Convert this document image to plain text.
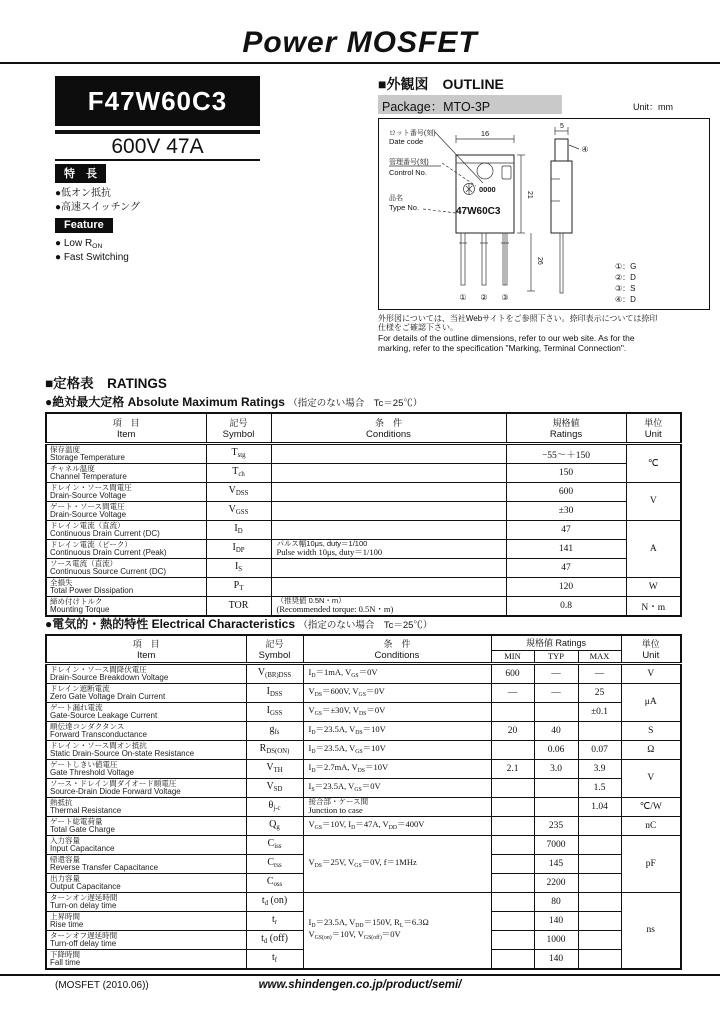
Power MOSFET
F47W60C3
600V 47A
特　長
●低オン抵抗
●高速スイッチング
Feature
● Low $R_{ON}$
● Fast Switching
■外観図　OUTLINE
Package：MTO-3P	Unit：mm
ロット番号(刻)
Date code
管理番号(刻)
Control No.
品名
Type No.
0000
47W60C3
① ② ③
16
21
26
5
④
①：G
②：D
③：S
④：D
外形図については、当社Webサイトをご参照下さい。捺印表示については捺印
仕様をご確認下さい。
For details of the outline dimensions, refer to our web site. As for the
marking, refer to the specification "Marking, Terminal Connection".
■定格表　RATINGS
●絶対最大定格 Absolute Maximum Ratings （指定のない場合　Tc＝25℃）
項　目
Item	記号
Symbol	条　件
Conditions	規格値
Ratings	単位
Unit

保存温度
Storage Temperature	$T_{stg}$		−55〜＋150	℃

チャネル温度
Channel Temperature	$T_{ch}$		150	

ドレイン・ソース間電圧
Drain-Source Voltage	$V_{DSS}$		600	V

ゲート・ソース間電圧
Drain-Source Voltage	$V_{GSS}$		±30	

ドレイン電流（直流）
Continuous Drain Current (DC)	$I_D$		47	A

ドレイン電流（ピーク）
Continuous Drain Current (Peak)	$I_{DP}$	パルス幅10μs, duty＝1/100
Pulse width 10μs, duty＝1/100	141	

ソース電流（直流）
Continuous Source Current (DC)	$I_S$		47	

全損失
Total Power Dissipation	$P_T$		120	W

締め付けトルク
Mounting Torque	TOR	（推奨値 0.5N・m）
(Recommended torque: 0.5N・m)	0.8	N・m
●電気的・熱的特性 Electrical Characteristics （指定のない場合　Tc＝25℃）
項　目
Item	記号
Symbol	条　件
Conditions	規格値 Ratings			単位
Unit

			MIN	TYP	MAX	

ドレイン・ソース間降伏電圧
Drain-Source Breakdown Voltage	$V_{(BR)DSS}$	$I_D=1mA$, $V_{GS}=0V$	600	—	—	V

ドレイン遮断電流
Zero Gate Voltage Drain Current	$I_{DSS}$	$V_{DS}=600V$, $V_{GS}=0V$	—	—	25	μA

ゲート漏れ電流
Gate-Source Leakage Current	$I_{GSS}$	$V_{GS}=\pm 30V$, $V_{DS}=0V$			±0.1	

順伝達コンダクタンス
Forward Transconductance	$g_{fs}$	$I_D=23.5A$, $V_{DS}=10V$	20	40		S

ドレイン・ソース間オン抵抗
Static Drain-Source On-state Resistance	$R_{DS(ON)}$	$I_D=23.5A$, $V_{GS}=10V$		0.06	0.07	Ω

ゲートしきい値電圧
Gate Threshold Voltage	$V_{TH}$	$I_D=2.7mA$, $V_{DS}=10V$	2.1	3.0	3.9	V

ソース・ドレイン間ダイオード順電圧
Source-Drain Diode Forward Voltage	$V_{SD}$	$I_S=23.5A$, $V_{GS}=0V$			1.5	

熱抵抗
Thermal Resistance	$\theta_{j-c}$	接合部・ケース間
Junction to case			1.04	℃/W

ゲート総電荷量
Total Gate Charge	$Q_g$	$V_{GS}=10V$, $I_D=47A$, $V_{DD}=400V$		235		nC

入力容量
Input Capacitance	$C_{iss}$	$V_{DS}=25V$, $V_{GS}=0V$, f＝1MHz		7000		pF

帰還容量
Reverse Transfer Capacitance	$C_{rss}$			145		

出力容量
Output Capacitance	$C_{oss}$			2200		

ターンオン遅延時間
Turn-on delay time	$t_d$ (on)	$I_D=23.5A$, $V_{DD}=150V$, $R_L=6.3\Omega$
$V_{GS(on)}=10V$, $V_{GS(off)}=0V$		80		ns

上昇時間
Rise time	$t_r$			140		

ターンオフ遅延時間
Turn-off delay time	$t_d$ (off)			1000		

下降時間
Fall time	$t_f$			140		
(MOSFET (2010.06))	www.shindengen.co.jp/product/semi/
